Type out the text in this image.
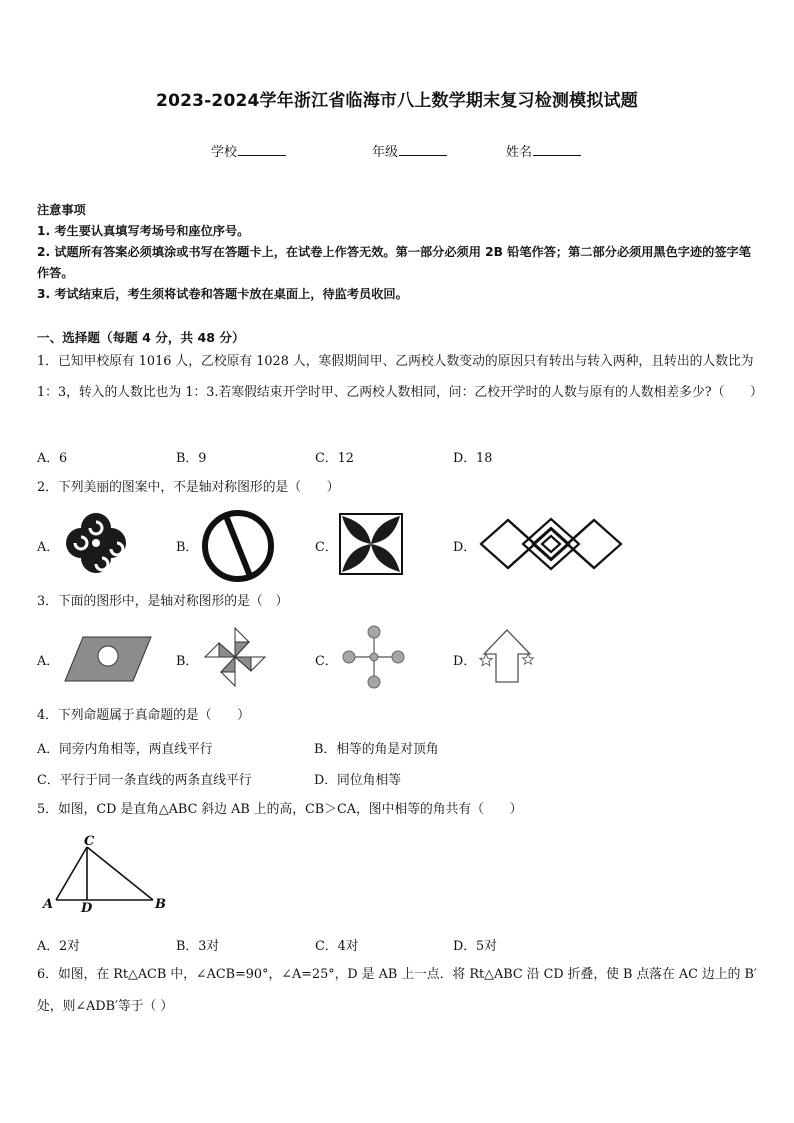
2023-2024学年浙江省临海市八上数学期末复习检测模拟试题
学校	年级	姓名
注意事项
1. 考生要认真填写考场号和座位序号。
2. 试题所有答案必须填涂或书写在答题卡上，在试卷上作答无效。第一部分必须用 2B 铅笔作答；第二部分必须用黑色字迹的签字笔作答。
3. 考试结束后，考生须将试卷和答题卡放在桌面上，待监考员收回。
一、选择题（每题 4 分，共 48 分）
1．已知甲校原有 1016 人，乙校原有 1028 人，寒假期间甲、乙两校人数变动的原因只有转出与转入两种，且转出的人数比为 1：3，转入的人数比也为 1：3.若寒假结束开学时甲、乙两校人数相同，问：乙校开学时的人数与原有的人数相差多少?（　　）
A．6	B．9	C．12	D．18
2．下列美丽的图案中，不是轴对称图形的是（　　）
A．	B．	C．	D．
3．下面的图形中，是轴对称图形的是（　）
A．	B．	C．	D．
4．下列命题属于真命题的是（　　）
A．同旁内角相等，两直线平行	B．相等的角是对顶角
C．平行于同一条直线的两条直线平行	D．同位角相等
5．如图，CD 是直角△ABC 斜边 AB 上的高，CB＞CA，图中相等的角共有（　　）
C
A D	B
A．2对	B．3对	C．4对	D．5对
6．如图，在 Rt△ACB 中，∠ACB=90°，∠A=25°，D 是 AB 上一点．将 Rt△ABC 沿 CD 折叠，使 B 点落在 AC 边上的 B′
处，则∠ADB′等于（ ）
